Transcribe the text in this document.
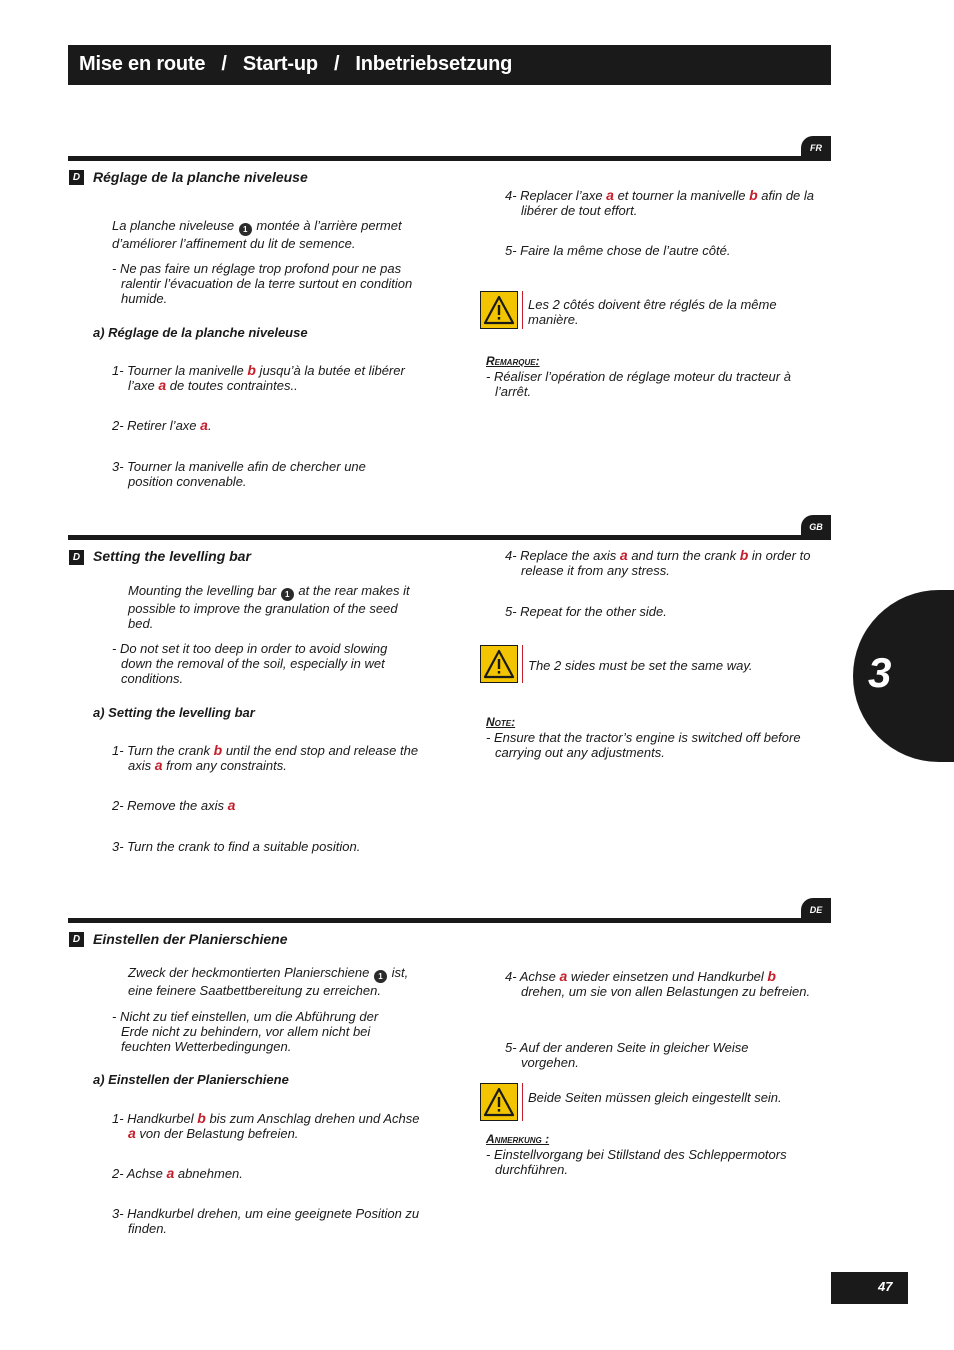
Mise en route   /   Start-up   /   Inbetriebsetzung
3
FR
D Réglage de la planche niveleuse
La planche niveleuse 1 montée à l’arrière permet d’améliorer l’affinement du lit de semence.
- Ne pas faire un réglage trop profond pour ne pas ralentir l’évacuation de la terre surtout en condition humide.
a) Réglage de la planche niveleuse
1- Tourner la manivelle b jusqu’à la butée et libérer l’axe a de toutes contraintes..
2- Retirer l’axe a.
3- Tourner la manivelle afin de chercher une position convenable.
4- Replacer l’axe a et tourner la manivelle b afin de la libérer de tout effort.
5- Faire la même chose de l’autre côté.
Les 2 côtés doivent être réglés de la même manière.
Remarque:
- Réaliser l’opération de réglage moteur du tracteur à l’arrêt.
GB
D Setting the levelling bar
Mounting the levelling bar 1 at the rear makes it possible to improve the granulation of the seed bed.
- Do not set it too deep in order to avoid slowing down the removal of the soil, especially in wet conditions.
a) Setting the levelling bar
1- Turn the crank b until the end stop and release the axis a from any constraints.
2- Remove the axis a
3- Turn the crank to find a suitable position.
4- Replace the axis a and turn the crank b in order to release it from any stress.
5- Repeat for the other side.
The 2 sides must be set the same way.
Note:
- Ensure that the tractor’s engine is switched off before carrying out any adjustments.
DE
D Einstellen der Planierschiene
Zweck der heckmontierten Planierschiene 1 ist, eine feinere Saatbettbereitung zu erreichen.
- Nicht zu tief einstellen, um die Abführung der Erde nicht zu behindern, vor allem nicht bei feuchten Wetterbedingungen.
a) Einstellen der Planierschiene
1- Handkurbel b bis zum Anschlag drehen und Achse a von der Belastung befreien.
2- Achse a abnehmen.
3- Handkurbel drehen, um eine geeignete Position zu finden.
4- Achse a wieder einsetzen und Handkurbel b drehen, um sie von allen Belastungen zu befreien.
5- Auf der anderen Seite in gleicher Weise vorgehen.
Beide Seiten müssen gleich eingestellt sein.
Anmerkung :
- Einstellvorgang bei Stillstand des Schleppermotors durchführen.
47
